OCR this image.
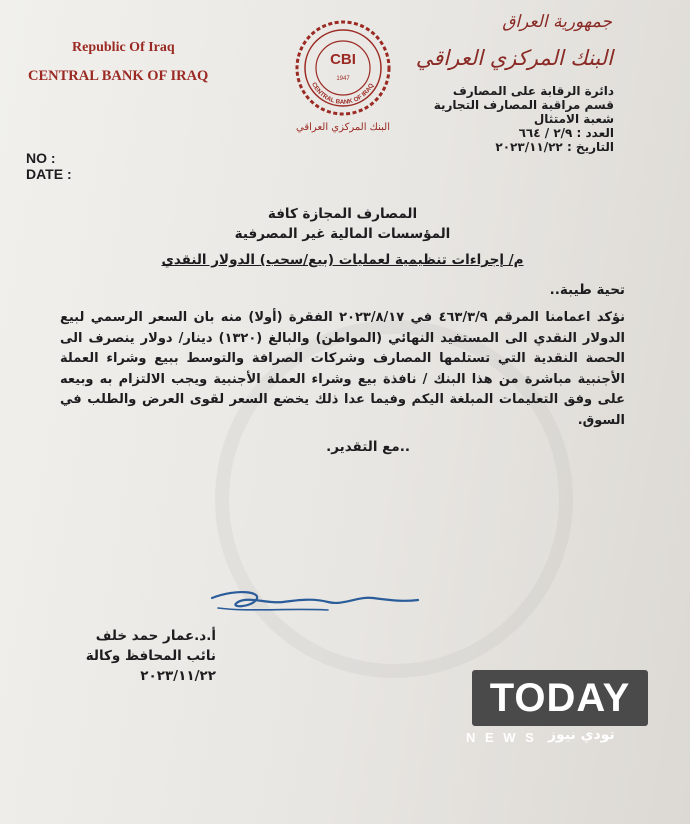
Republic Of Iraq
CENTRAL BANK OF IRAQ
CBI
1947
CENTRAL BANK OF IRAQ
البنك المركزي العراقي
جمهورية العراق
البنك المركزي العراقي
دائرة الرقابة على المصارف
قسم مراقبة المصارف التجارية
شعبة الامتثال
العدد : ٢/٩ / ٦٦٤
التاريخ : ٢٠٢٣/١١/٢٢
NO :
DATE :
المصارف المجازة كافة
المؤسسات المالية غير المصرفية
م/ إجراءات تنظيمية لعمليات (بيع/سحب) الدولار النقدي
تحية طيبة..
نؤكد اعمامنا المرقم ٤٦٣/٣/٩ في ٢٠٢٣/٨/١٧ الفقرة (أولا) منه بان السعر الرسمي لبيع الدولار النقدي الى المستفيد النهائي (المواطن) والبالغ (١٣٢٠) دينار/ دولار ينصرف الى الحصة النقدية التي تستلمها المصارف وشركات الصرافة والتوسط ببيع وشراء العملة الأجنبية مباشرة من هذا البنك / نافذة بيع وشراء العملة الأجنبية ويجب الالتزام به وبيعه على وفق التعليمات المبلغة اليكم وفيما عدا ذلك يخضع السعر لقوى العرض والطلب في السوق.
..مع التقدير.
أ.د.عمار حمد خلف
نائب المحافظ وكالة
٢٠٢٣/١١/٢٢	TODAY
N E W S تودي نيوز
